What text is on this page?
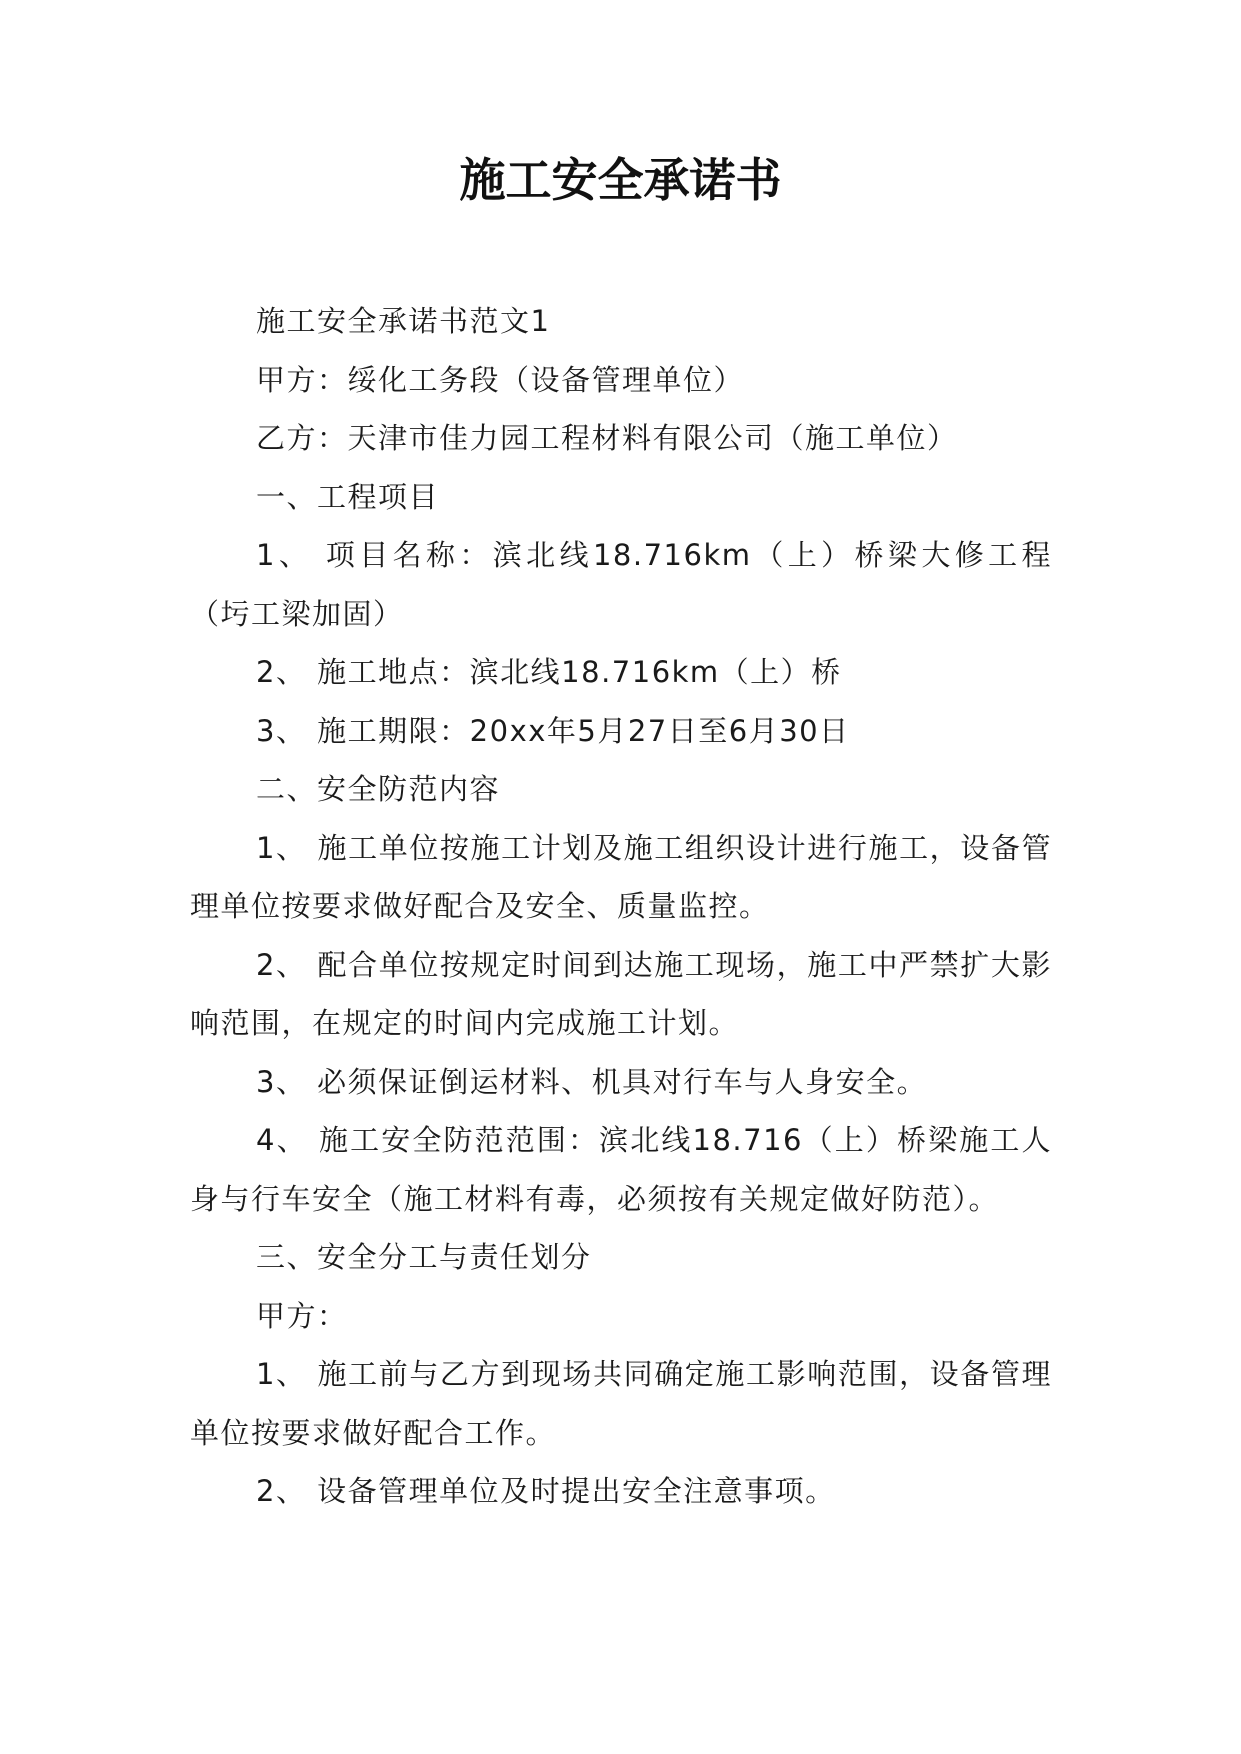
施工安全承诺书

施工安全承诺书范文1

甲方：绥化工务段（设备管理单位）

乙方：天津市佳力园工程材料有限公司（施工单位）

一、工程项目

1、 项目名称：滨北线18.716km（上）桥梁大修工程（圬工梁加固）

2、 施工地点：滨北线18.716km（上）桥

3、 施工期限：20xx年5月27日至6月30日

二、安全防范内容

1、 施工单位按施工计划及施工组织设计进行施工，设备管理单位按要求做好配合及安全、质量监控。

2、 配合单位按规定时间到达施工现场，施工中严禁扩大影响范围，在规定的时间内完成施工计划。

3、 必须保证倒运材料、机具对行车与人身安全。

4、 施工安全防范范围：滨北线18.716（上）桥梁施工人身与行车安全（施工材料有毒，必须按有关规定做好防范）。

三、安全分工与责任划分

甲方：

1、 施工前与乙方到现场共同确定施工影响范围，设备管理单位按要求做好配合工作。

2、 设备管理单位及时提出安全注意事项。
